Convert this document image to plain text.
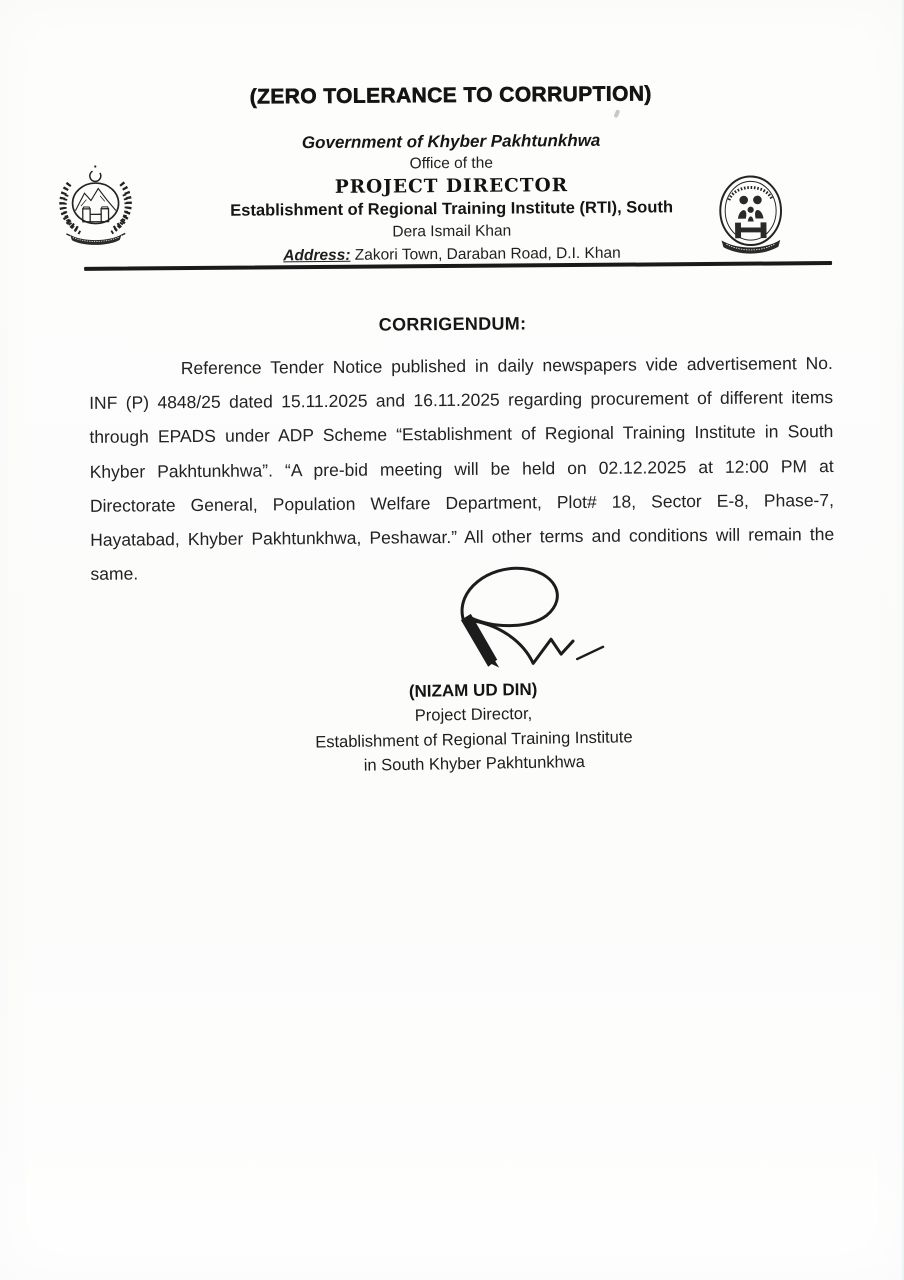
(ZERO TOLERANCE TO CORRUPTION)
Government of Khyber Pakhtunkhwa
Office of the
PROJECT DIRECTOR
Establishment of Regional Training Institute (RTI), South
Dera Ismail Khan
Address: Zakori Town, Daraban Road, D.I. Khan
CORRIGENDUM:
Reference Tender Notice published in daily newspapers vide advertisement No.
INF (P) 4848/25 dated 15.11.2025 and 16.11.2025 regarding procurement of different items
through EPADS under ADP Scheme “Establishment of Regional Training Institute in South
Khyber Pakhtunkhwa”. “A pre-bid meeting will be held on 02.12.2025 at 12:00 PM at
Directorate General, Population Welfare Department, Plot# 18, Sector E-8, Phase-7,
Hayatabad, Khyber Pakhtunkhwa, Peshawar.” All other terms and conditions will remain the
same.
(NIZAM UD DIN)
Project Director,
Establishment of Regional Training Institute
in South Khyber Pakhtunkhwa
